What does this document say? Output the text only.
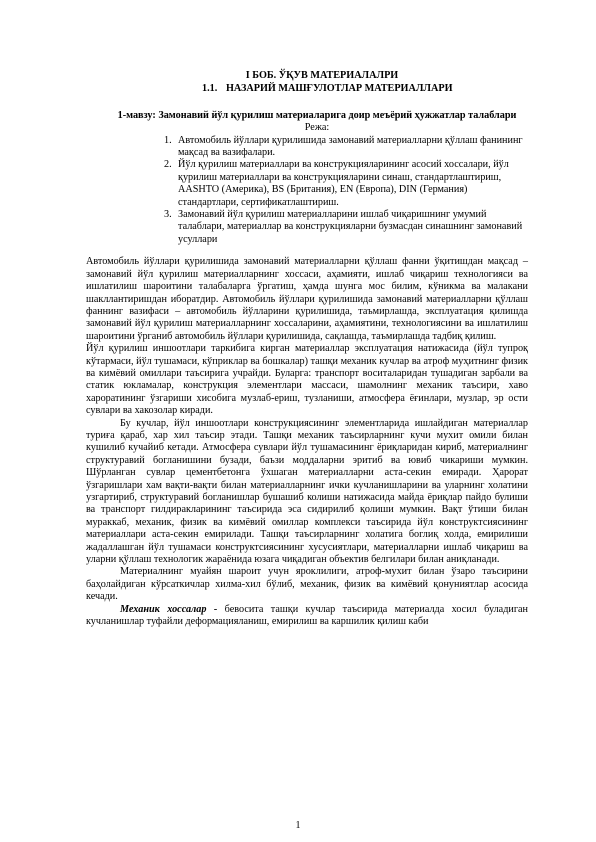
I БОБ. ЎҚУВ МАТЕРИАЛАЛРИ

1.1. НАЗАРИЙ МАШҒУЛОТЛАР МАТЕРИАЛЛАРИ

1-мавзу: Замонавий йўл қурилиш материаларига доир меъёрий ҳужжатлар талаблари

Режа:

1. Автомобиль йўллари қурилишида замонавий материалларни қўллаш фанининг мақсад ва вазифалари.
2. Йўл қурилиш материаллари ва конструкцияларининг асосий хоссалари, йўл қурилиш материаллари ва конструкцияларини синаш, стандартлаштириш, AASHTO (Америка), BS (Британия), EN (Европа), DIN (Германия) стандартлари, сертификатлаштириш.
3. Замонавий йўл қурилиш материалларини ишлаб чиқаришнинг умумий талаблари, материаллар ва конструкцияларни бузмасдан синашнинг замонавий усуллари

Автомобиль йўллари қурилишида замонавий материалларни қўллаш фанни ўқитишдан мақсад – замонавий йўл қурилиш материалларнинг хоссаси, аҳамияти, ишлаб чиқариш технологияси ва ишлатилиш шароитини талабаларга ўргатиш, ҳамда шунга мос билим, кўникма ва малакани шакллантиришдан иборатдир. Автомобиль йўллари қурилишида замонавий материалларни қўллаш фаннинг вазифаси – автомобиль йўлларини қурилишида, таъмирлашда, эксплуатация қилишда замонавий йўл қурилиш материалларнинг хоссаларини, аҳамиятини, технологиясини ва ишлатилиш шароитини ўрганиб автомобиль йўллари қурилишида, сақлашда, таъмирлашда тадбиқ қилиш.

Йўл қурилиш иншоотлари таркибига кирган материаллар эксплуатация натижасида (йўл тупроқ кўтармаси, йўл тушамаси, кўприклар ва бошкалар) ташқи механик кучлар ва атроф муҳитнинг физик ва кимёвий омиллари таъсирига учрайди. Буларга: транспорт воситаларидан тушадиган зарбали ва статик юкламалар, конструкция элементлари массаси, шамолнинг механик таъсири, хаво хароратининг ўзгариши хисобига музлаб-ериш, тузланиши, атмосфера ёғинлари, музлар, эр ости сувлари ва хакозолар киради.

Бу кучлар, йўл иншоотлари конструкциясининг элементларида ишлайдиган материаллар туриға қараб, хар хил таъсир этади. Ташқи механик таъсирларнинг кучи мухит омили билан кушилиб кучайиб кетади. Атмосфера сувлари йўл тушамасининг ёриқларидан кириб, материалнинг структуравий богланишини бузади, баъзи моддаларни эритиб ва ювиб чикариши мумкин. Шўрланган сувлар цементбетонга ўхшаган материалларни аста-секин емиради. Ҳарорат ўзгаришлари хам вақти-вақти билан материалларнинг ички кучланишларини ва уларнинг холатини узгартириб, структуравий богланишлар бушашиб колиши натижасида майда ёриқлар пайдо булиши ва транспорт гилдиракларининг таъсирида эса сидирилиб қолиши мумкин. Вақт ўтиши билан мураккаб, механик, физик ва кимёвий омиллар комплекси таъсирида йўл конструктсиясининг материаллари аста-секин емирилади. Ташқи таъсирларнинг холатига боглиқ холда, емирилиши жадаллашган йўл тушамаси конструктсиясининг хусусиятлари, материалларни ишлаб чиқариш ва уларни қўллаш технологик жараёнида юзага чиқадиган объектив белгилари билан аниқланади.

Материалнинг муайян шароит учун яроклилиги, атроф-мухит билан ўзаро таъсирини баҳолайдиган кўрсаткичлар хилма-хил бўлиб, механик, физик ва кимёвий қонуниятлар асосида кечади.

Механик хоссалар - бевосита ташқи кучлар таъсирида материалда хосил буладиган кучланишлар туфайли деформацияланиш, емирилиш ва каршилик қилиш каби

1
